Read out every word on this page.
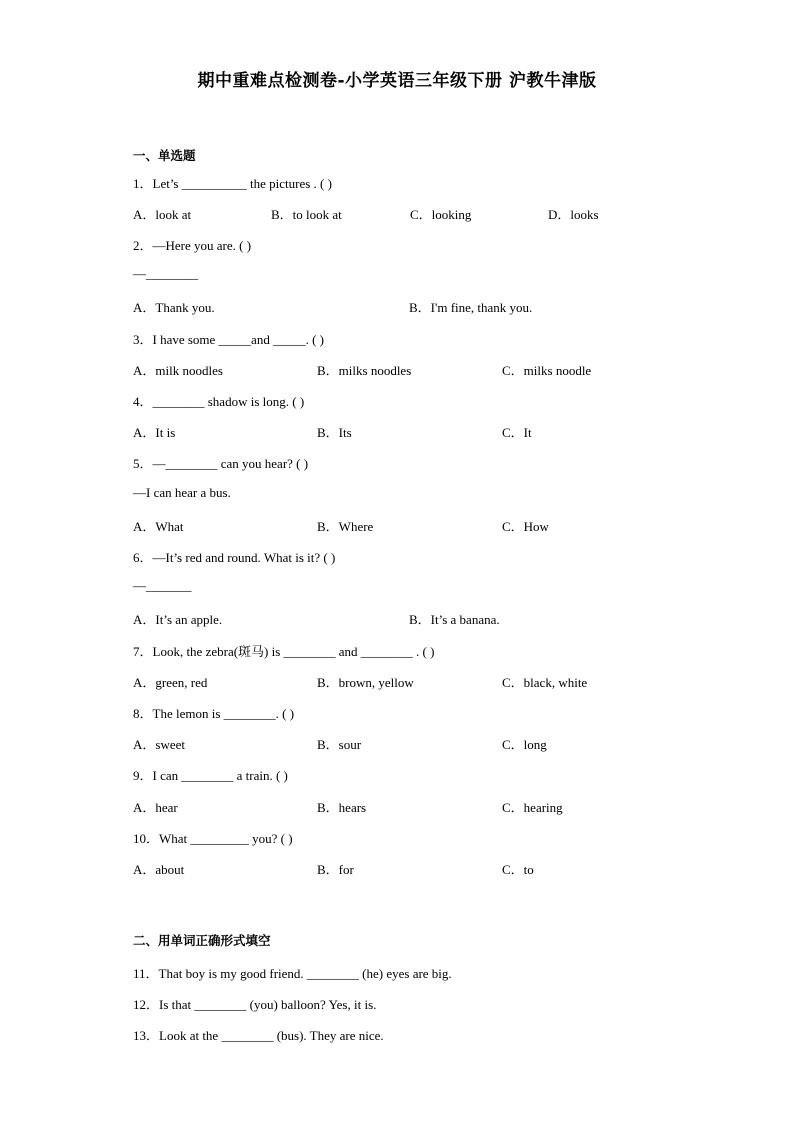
期中重难点检测卷-小学英语三年级下册 沪教牛津版
一、单选题
1．Let’s __________ the pictures . ( )
A．look at	B．to look at	C．looking	D．looks
2．—Here you are. ( )
—________
A．Thank you.	B．I'm fine, thank you.
3．I have some _____and _____. ( )
A．milk noodles	B．milks noodles	C．milks noodle
4．________ shadow is long. ( )
A．It is	B．Its	C．It
5．—________ can you hear? ( )
—I can hear a bus.
A．What	B．Where	C．How
6．—It’s red and round. What is it? ( )
—_______
A．It’s an apple.	B．It’s a banana.
7．Look, the zebra(斑马) is ________ and ________ . ( )
A．green, red	B．brown, yellow	C．black, white
8．The lemon is ________. ( )
A．sweet	B．sour	C．long
9．I can ________ a train. ( )
A．hear	B．hears	C．hearing
10．What _________ you? ( )
A．about	B．for	C．to
二、用单词正确形式填空
11．That boy is my good friend. ________ (he) eyes are big.
12．Is that ________ (you) balloon? Yes, it is.
13．Look at the ________ (bus). They are nice.
